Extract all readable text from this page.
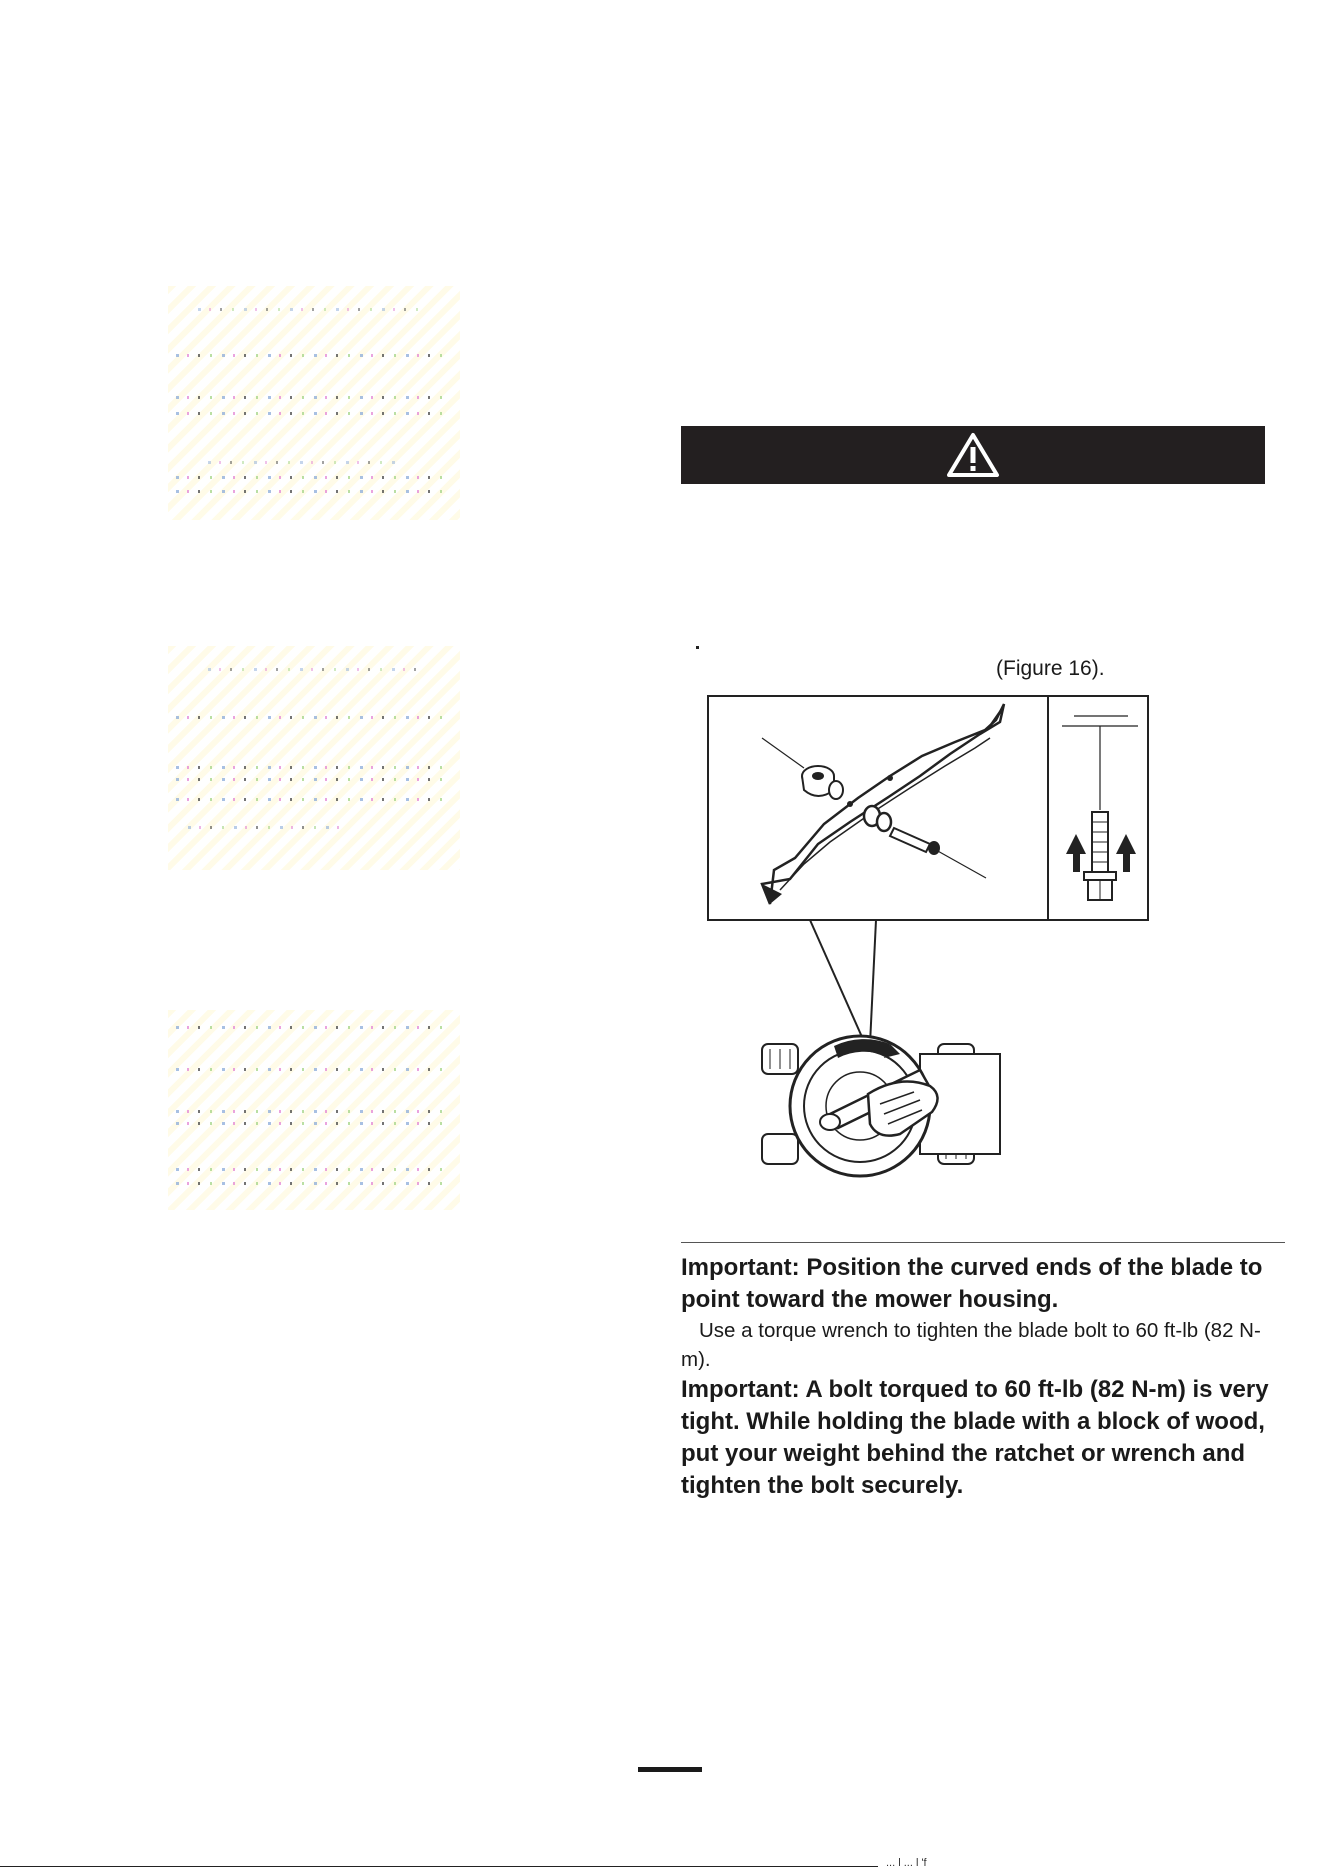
(Figure 16).

Important: Position the curved ends of the blade to point toward the mower housing.

Use a torque wrench to tighten the blade bolt to 60 ft-lb (82 N-m).

Important: A bolt torqued to 60 ft-lb (82 N-m) is very tight. While holding the blade with a block of wood, put your weight behind the ratchet or wrench and tighten the bolt securely.

... l ... l 'f
